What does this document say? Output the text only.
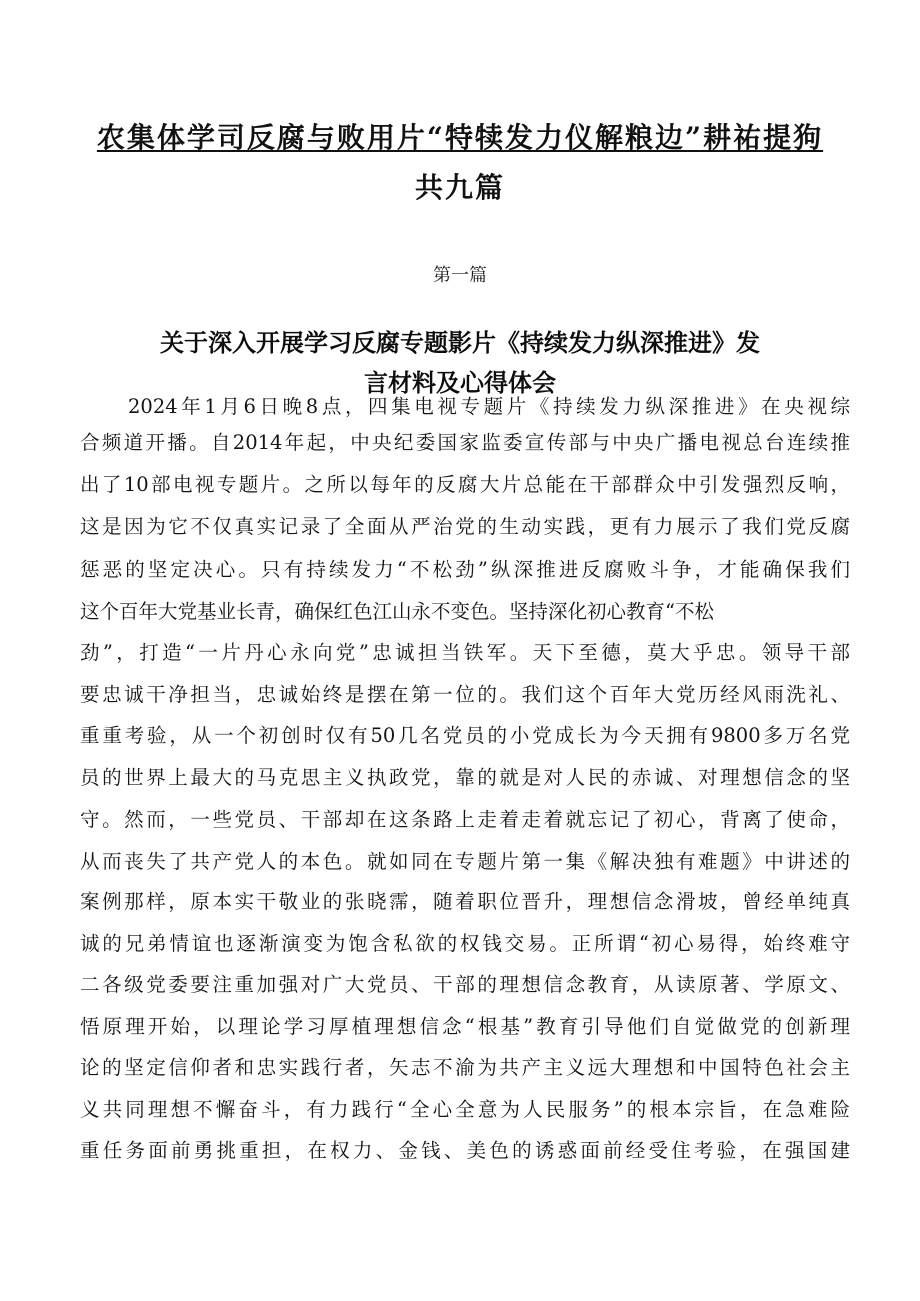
农集体学司反腐与败用片“特犊发力仪解粮边”耕祐提狗
共九篇
第一篇
关于深入开展学习反腐专题影片《持续发力纵深推进》发
言材料及心得体会
2024年1月6日晚8点，四集电视专题片《持续发力纵深推进》在央视综
合频道开播。自2014年起，中央纪委国家监委宣传部与中央广播电视总台连续推
出了10部电视专题片。之所以每年的反腐大片总能在干部群众中引发强烈反响，
这是因为它不仅真实记录了全面从严治党的生动实践，更有力展示了我们党反腐
惩恶的坚定决心。只有持续发力“不松劲”纵深推进反腐败斗争，才能确保我们
这个百年大党基业长青，确保红色江山永不变色。坚持深化初心教育“不松
劲”，打造“一片丹心永向党”忠诚担当铁军。天下至德，莫大乎忠。领导干部
要忠诚干净担当，忠诚始终是摆在第一位的。我们这个百年大党历经风雨洗礼、
重重考验，从一个初创时仅有50几名党员的小党成长为今天拥有9800多万名党
员的世界上最大的马克思主义执政党，靠的就是对人民的赤诚、对理想信念的坚
守。然而，一些党员、干部却在这条路上走着走着就忘记了初心，背离了使命，
从而丧失了共产党人的本色。就如同在专题片第一集《解决独有难题》中讲述的
案例那样，原本实干敬业的张晓霈，随着职位晋升，理想信念滑坡，曾经单纯真
诚的兄弟情谊也逐渐演变为饱含私欲的权钱交易。正所谓“初心易得，始终难守
二各级党委要注重加强对广大党员、干部的理想信念教育，从读原著、学原文、
悟原理开始，以理论学习厚植理想信念“根基”教育引导他们自觉做党的创新理
论的坚定信仰者和忠实践行者，矢志不渝为共产主义远大理想和中国特色社会主
义共同理想不懈奋斗，有力践行“全心全意为人民服务”的根本宗旨，在急难险
重任务面前勇挑重担，在权力、金钱、美色的诱惑面前经受住考验，在强国建
